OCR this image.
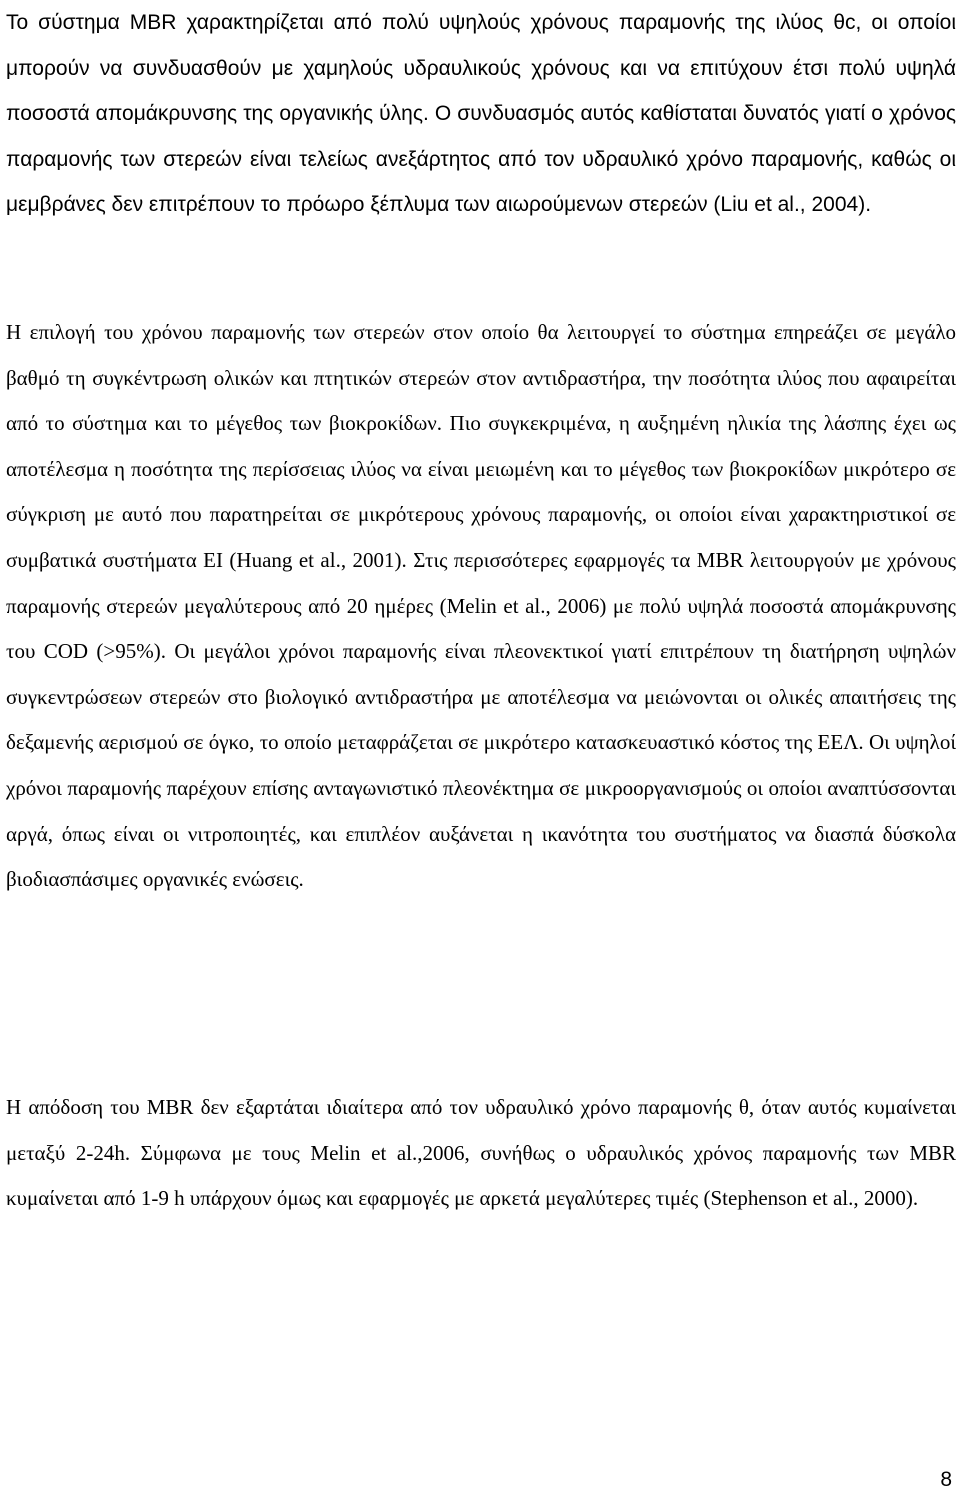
Το σύστημα MBR χαρακτηρίζεται από πολύ υψηλούς χρόνους παραμονής της ιλύος θc, οι οποίοι μπορούν να συνδυασθούν με χαμηλούς υδραυλικούς χρόνους και να επιτύχουν έτσι πολύ υψηλά ποσοστά απομάκρυνσης της οργανικής ύλης. Ο συνδυασμός αυτός καθίσταται δυνατός γιατί ο χρόνος παραμονής των στερεών είναι τελείως ανεξάρτητος από τον υδραυλικό χρόνο παραμονής, καθώς οι μεμβράνες δεν επιτρέπουν το πρόωρο ξέπλυμα των αιωρούμενων στερεών (Liu et al., 2004).

Η επιλογή του χρόνου παραμονής των στερεών στον οποίο θα λειτουργεί το σύστημα επηρεάζει σε μεγάλο βαθμό τη συγκέντρωση ολικών και πτητικών στερεών στον αντιδραστήρα, την ποσότητα ιλύος που αφαιρείται από το σύστημα και το μέγεθος των βιοκροκίδων. Πιο συγκεκριμένα, η αυξημένη ηλικία της λάσπης έχει ως αποτέλεσμα η ποσότητα της περίσσειας ιλύος να είναι μειωμένη και το μέγεθος των βιοκροκίδων μικρότερο σε σύγκριση με αυτό που παρατηρείται σε μικρότερους χρόνους παραμονής, οι οποίοι είναι χαρακτηριστικοί σε συμβατικά συστήματα ΕΙ (Huang et al., 2001). Στις περισσότερες εφαρμογές τα MBR λειτουργούν με χρόνους παραμονής στερεών μεγαλύτερους από 20 ημέρες (Melin et al., 2006) με πολύ υψηλά ποσοστά απομάκρυνσης του COD (>95%). Οι μεγάλοι χρόνοι παραμονής είναι πλεονεκτικοί γιατί επιτρέπουν τη διατήρηση υψηλών συγκεντρώσεων στερεών στο βιολογικό αντιδραστήρα με αποτέλεσμα να μειώνονται οι ολικές απαιτήσεις της δεξαμενής αερισμού σε όγκο, το οποίο μεταφράζεται σε μικρότερο κατασκευαστικό κόστος της ΕΕΛ. Οι υψηλοί χρόνοι παραμονής παρέχουν επίσης ανταγωνιστικό πλεονέκτημα σε μικροοργανισμούς οι οποίοι αναπτύσσονται αργά, όπως είναι οι νιτροποιητές, και επιπλέον αυξάνεται η ικανότητα του συστήματος να διασπά δύσκολα βιοδιασπάσιμες οργανικές ενώσεις.

Η απόδοση του MBR δεν εξαρτάται ιδιαίτερα από τον υδραυλικό χρόνο παραμονής θ, όταν αυτός κυμαίνεται μεταξύ 2-24h. Σύμφωνα με τους Melin et al.,2006, συνήθως ο υδραυλικός χρόνος παραμονής των MBR κυμαίνεται από 1-9 h υπάρχουν όμως και εφαρμογές με αρκετά μεγαλύτερες τιμές (Stephenson et al., 2000).

8
